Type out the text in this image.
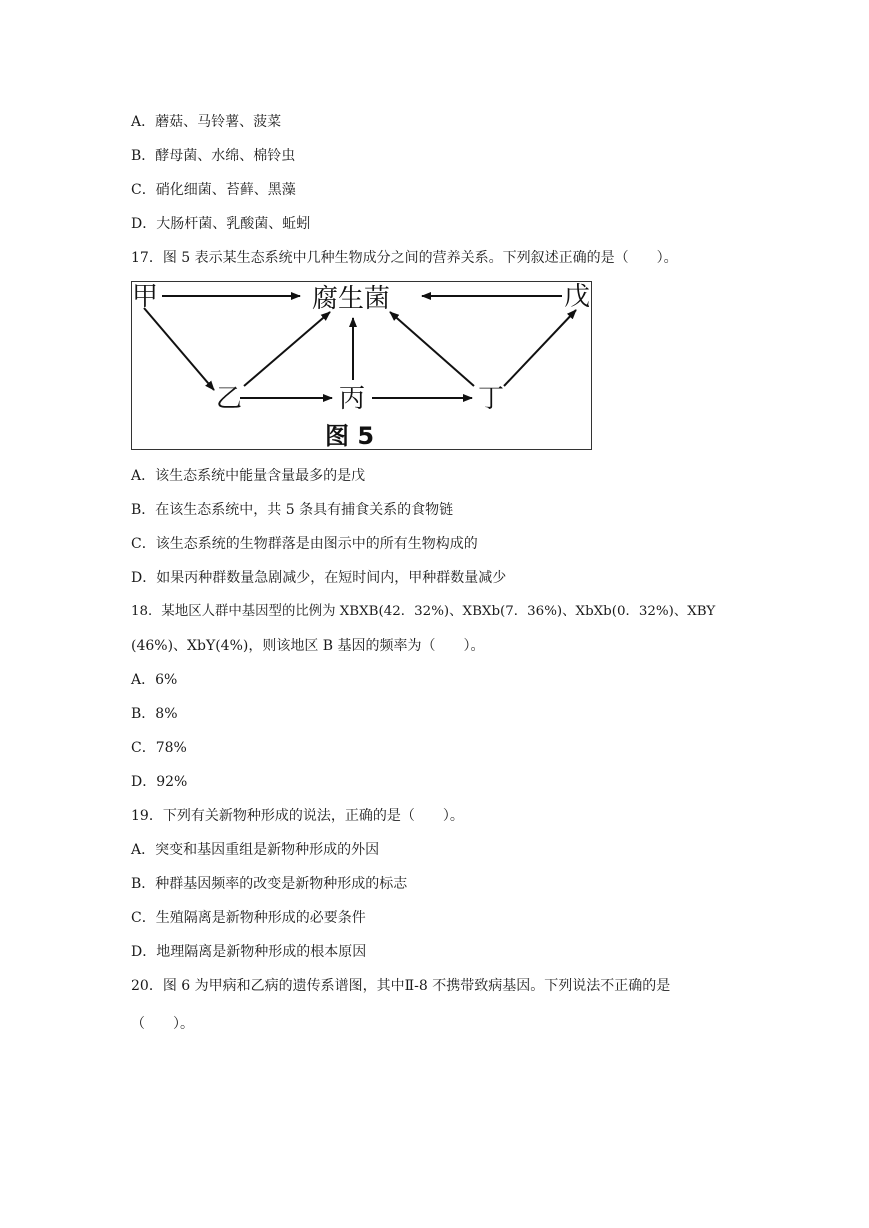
A．蘑菇、马铃薯、菠菜
B．酵母菌、水绵、棉铃虫
C．硝化细菌、苔藓、黑藻
D．大肠杆菌、乳酸菌、蚯蚓
17．图 5 表示某生态系统中几种生物成分之间的营养关系。下列叙述正确的是（　　）。
甲	腐生菌	戊
乙	丙	丁
图 5
A．该生态系统中能量含量最多的是戊
B．在该生态系统中，共 5 条具有捕食关系的食物链
C．该生态系统的生物群落是由图示中的所有生物构成的
D．如果丙种群数量急剧减少，在短时间内，甲种群数量减少
18．某地区人群中基因型的比例为 XBXB(42．32%)、XBXb(7．36%)、XbXb(0．32%)、XBY
(46%)、XbY(4%)，则该地区 B 基因的频率为（　　）。
A．6%
B．8%
C．78%
D．92%
19．下列有关新物种形成的说法，正确的是（　　）。
A．突变和基因重组是新物种形成的外因
B．种群基因频率的改变是新物种形成的标志
C．生殖隔离是新物种形成的必要条件
D．地理隔离是新物种形成的根本原因
20．图 6 为甲病和乙病的遗传系谱图，其中Ⅱ-8 不携带致病基因。下列说法不正确的是
（　　）。
